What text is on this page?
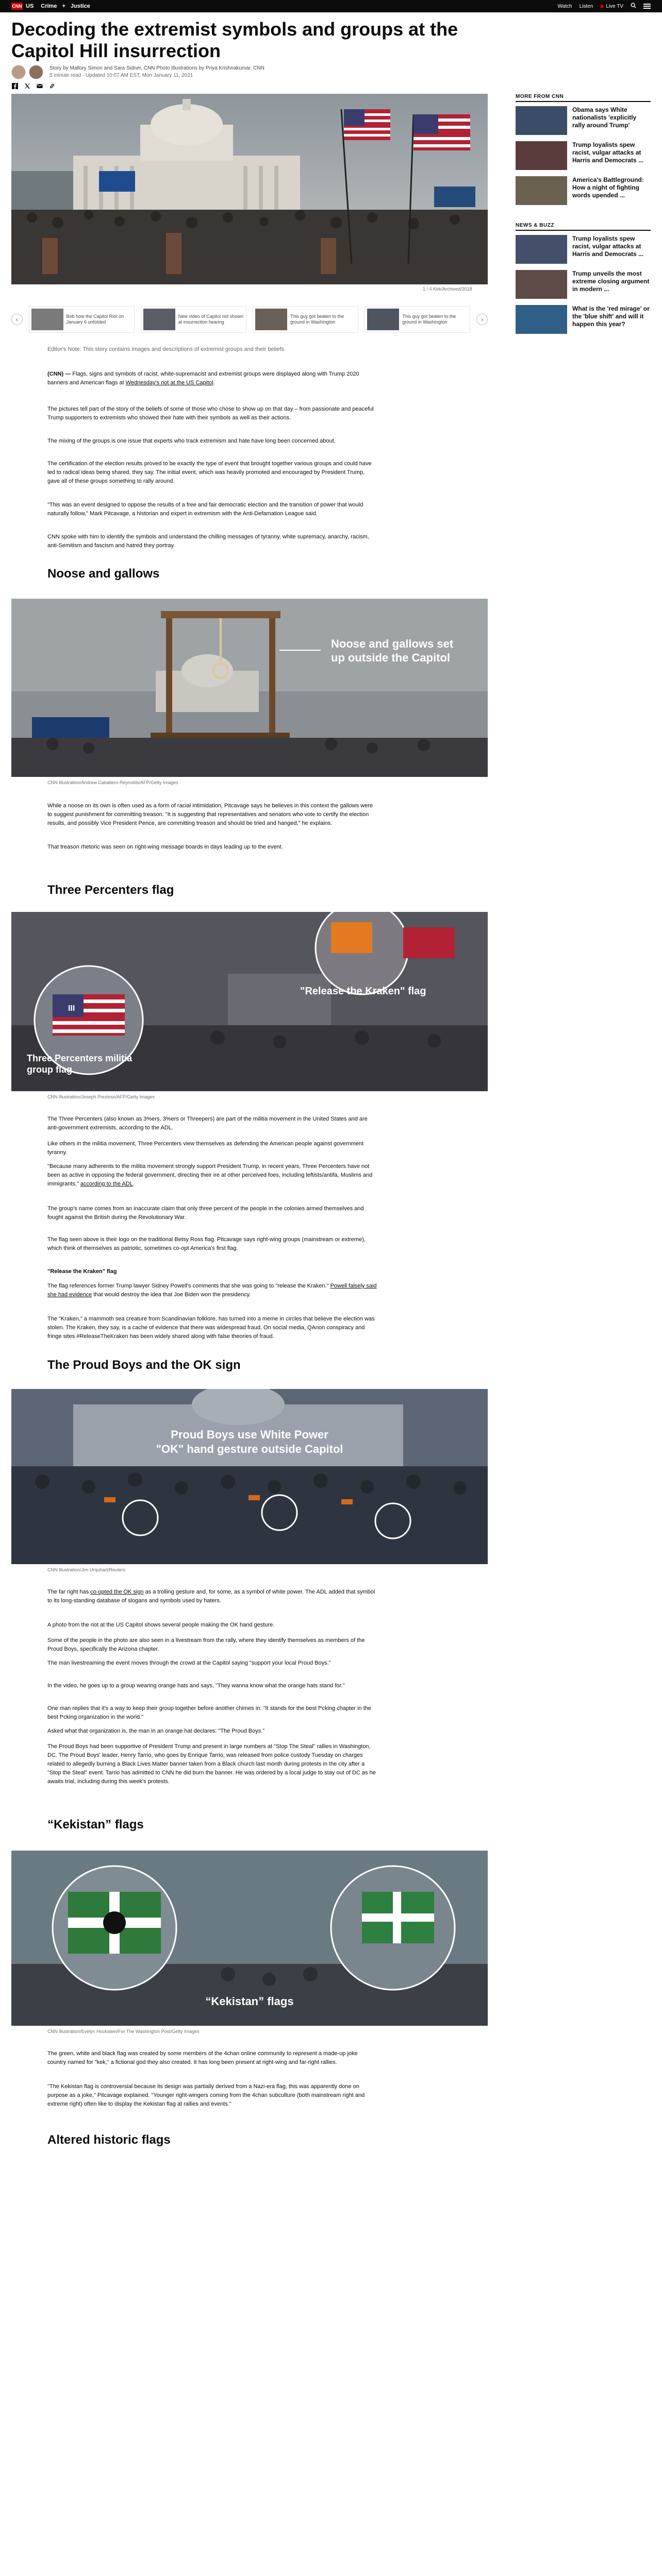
CNN US Crime + Justice	Watch Listen	Live TV
Decoding the extremist symbols and groups at the Capitol Hill insurrection
Story by Mallory Simon and Sara Sidner, CNN Photo Illustrations by Priya Krishnakumar, CNN
5 minute read · Updated 10:07 AM EST, Mon January 11, 2021
1 / 4 Kirk/Archived/2018
‹	Bob how the Capitol Riot on January 6 unfolded
New video of Capitol riot shown at insurrection hearing
This guy got beaten to the ground in Washington
This guy got beaten to the ground in Washington	›

Editor's Note: This story contains images and descriptions of extremist groups and their beliefs.

(CNN) — Flags, signs and symbols of racist, white-supremacist and extremist groups were displayed along with Trump 2020 banners and American flags at Wednesday's riot at the US Capitol.

The pictures tell part of the story of the beliefs of some of those who chose to show up on that day – from passionate and peaceful Trump supporters to extremists who showed their hate with their symbols as well as their actions.

The mixing of the groups is one issue that experts who track extremism and hate have long been concerned about.

The certification of the election results proved to be exactly the type of event that brought together various groups and could have led to radical ideas being shared, they say. The initial event, which was heavily promoted and encouraged by President Trump, gave all of these groups something to rally around.

"This was an event designed to oppose the results of a free and fair democratic election and the transition of power that would naturally follow," Mark Pitcavage, a historian and expert in extremism with the Anti-Defamation League said.

CNN spoke with him to identify the symbols and understand the chilling messages of tyranny, white supremacy, anarchy, racism, anti-Semitism and fascism and hatred they portray.

Noose and gallows
Noose and gallows set
up outside the Capitol
CNN Illustration/Andrew Caballero-Reynolds/AFP/Getty Images

While a noose on its own is often used as a form of racial intimidation, Pitcavage says he believes in this context the gallows were to suggest punishment for committing treason. "It is suggesting that representatives and senators who vote to certify the election results, and possibly Vice President Pence, are committing treason and should be tried and hanged," he explains.

That treason rhetoric was seen on right-wing message boards in days leading up to the event.

Three Percenters flag
III
"Release the Kraken" flag
Three Percenters militia
group flag
CNN Illustration/Joseph Prezioso/AFP/Getty Images

The Three Percenters (also known as 3%ers, 3%ers or Threepers) are part of the militia movement in the United States and are anti-government extremists, according to the ADL.

Like others in the militia movement, Three Percenters view themselves as defending the American people against government tyranny.

"Because many adherents to the militia movement strongly support President Trump, in recent years, Three Percenters have not been as active in opposing the federal government, directing their ire at other perceived foes, including leftists/antifa, Muslims and immigrants," according to the ADL.

The group's name comes from an inaccurate claim that only three percent of the people in the colonies armed themselves and fought against the British during the Revolutionary War.

The flag seen above is their logo on the traditional Betsy Ross flag. Pitcavage says right-wing groups (mainstream or extreme), which think of themselves as patriotic, sometimes co-opt America's first flag.

"Release the Kraken" flag

The flag references former Trump lawyer Sidney Powell's comments that she was going to "release the Kraken." Powell falsely said she had evidence that would destroy the idea that Joe Biden won the presidency.

The "Kraken," a mammoth sea creature from Scandinavian folklore, has turned into a meme in circles that believe the election was stolen. The Kraken, they say, is a cache of evidence that there was widespread fraud. On social media, QAnon conspiracy and fringe sites #ReleaseTheKraken has been widely shared along with false theories of fraud.

The Proud Boys and the OK sign
Proud Boys use White Power
"OK" hand gesture outside Capitol
CNN Illustration/Jim Urquhart/Reuters

The far right has co-opted the OK sign as a trolling gesture and, for some, as a symbol of white power. The ADL added that symbol to its long-standing database of slogans and symbols used by haters.

A photo from the riot at the US Capitol shows several people making the OK hand gesture.

Some of the people in the photo are also seen in a livestream from the rally, where they identify themselves as members of the Proud Boys, specifically the Arizona chapter.

The man livestreaming the event moves through the crowd at the Capitol saying "support your local Proud Boys."

In the video, he goes up to a group wearing orange hats and says, "They wanna know what the orange hats stand for."

One man replies that it's a way to keep their group together before another chimes in: "It stands for the best f*cking chapter in the best f*cking organization in the world."

Asked what that organization is, the man in an orange hat declares: "The Proud Boys."

The Proud Boys had been supportive of President Trump and present in large numbers at "Stop The Steal" rallies in Washington, DC. The Proud Boys' leader, Henry Tarrio, who goes by Enrique Tarrio, was released from police custody Tuesday on charges related to allegedly burning a Black Lives Matter banner taken from a Black church last month during protests in the city after a "Stop the Steal" event. Tarrio has admitted to CNN he did burn the banner. He was ordered by a local judge to stay out of DC as he awaits trial, including during this week's protests.

“Kekistan” flags
“Kekistan” flags
CNN Illustration/Evelyn Hockstein/For The Washington Post/Getty Images

The green, white and black flag was created by some members of the 4chan online community to represent a made-up joke country named for "kek," a fictional god they also created. It has long been present at right-wing and far-right rallies.

"The Kekistan flag is controversial because its design was partially derived from a Nazi-era flag, this was apparently done on purpose as a joke," Pitcavage explained. "Younger right-wingers coming from the 4chan subculture (both mainstream right and extreme right) often like to display the Kekistan flag at rallies and events."

Altered historic flags
MORE FROM CNN
Obama says White nationalists 'explicitly rally around Trump'
Trump loyalists spew racist, vulgar attacks at Harris and Democrats ...
America's Battleground: How a night of fighting words upended ...
NEWS & BUZZ
Trump loyalists spew racist, vulgar attacks at Harris and Democrats ...
Trump unveils the most extreme closing argument in modern ...
What is the 'red mirage' or the 'blue shift' and will it happen this year?
